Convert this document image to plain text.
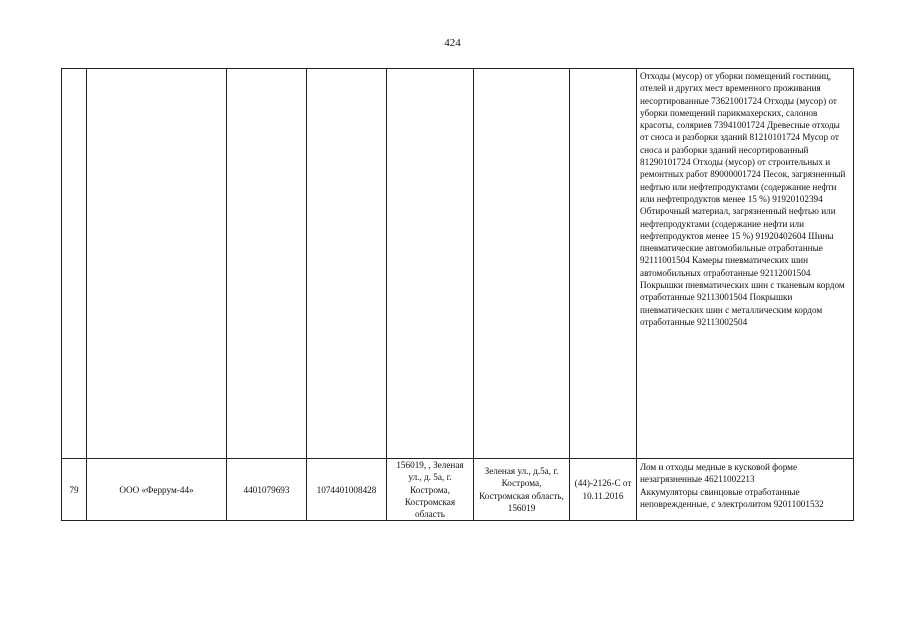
424
							Отходы (мусор) от уборки помещений гостиниц, отелей и других мест временного проживания несортированные 73621001724 Отходы (мусор) от уборки помещений парикмахерских, салонов красоты, соляриев 73941001724 Древесные отходы от сноса и разборки зданий 81210101724 Мусор от сноса и разборки зданий несортированный 81290101724 Отходы (мусор) от строительных и ремонтных работ 89000001724 Песок, загрязненный нефтью или нефтепродуктами (содержание нефти или нефтепродуктов менее 15 %) 91920102394 Обтирочный материал, загрязненный нефтью или нефтепродуктами (содержание нефти или нефтепродуктов менее 15 %) 91920402604 Шины пневматические автомобильные отработанные 92111001504 Камеры пневматических шин автомобильных отработанные 92112001504 Покрышки пневматических шин с тканевым кордом отработанные 92113001504 Покрышки пневматических шин с металлическим кордом отработанные 92113002504
79	ООО «Феррум-44»	4401079693	1074401008428	156019, , Зеленая ул., д. 5а, г. Кострома, Костромская область	Зеленая ул., д.5а, г. Кострома, Костромская область, 156019	(44)-2126-С от 10.11.2016	Лом и отходы медные в кусковой форме незагрязненные 46211002213
Аккумуляторы свинцовые отработанные неповрежденные, с электролитом 92011001532
